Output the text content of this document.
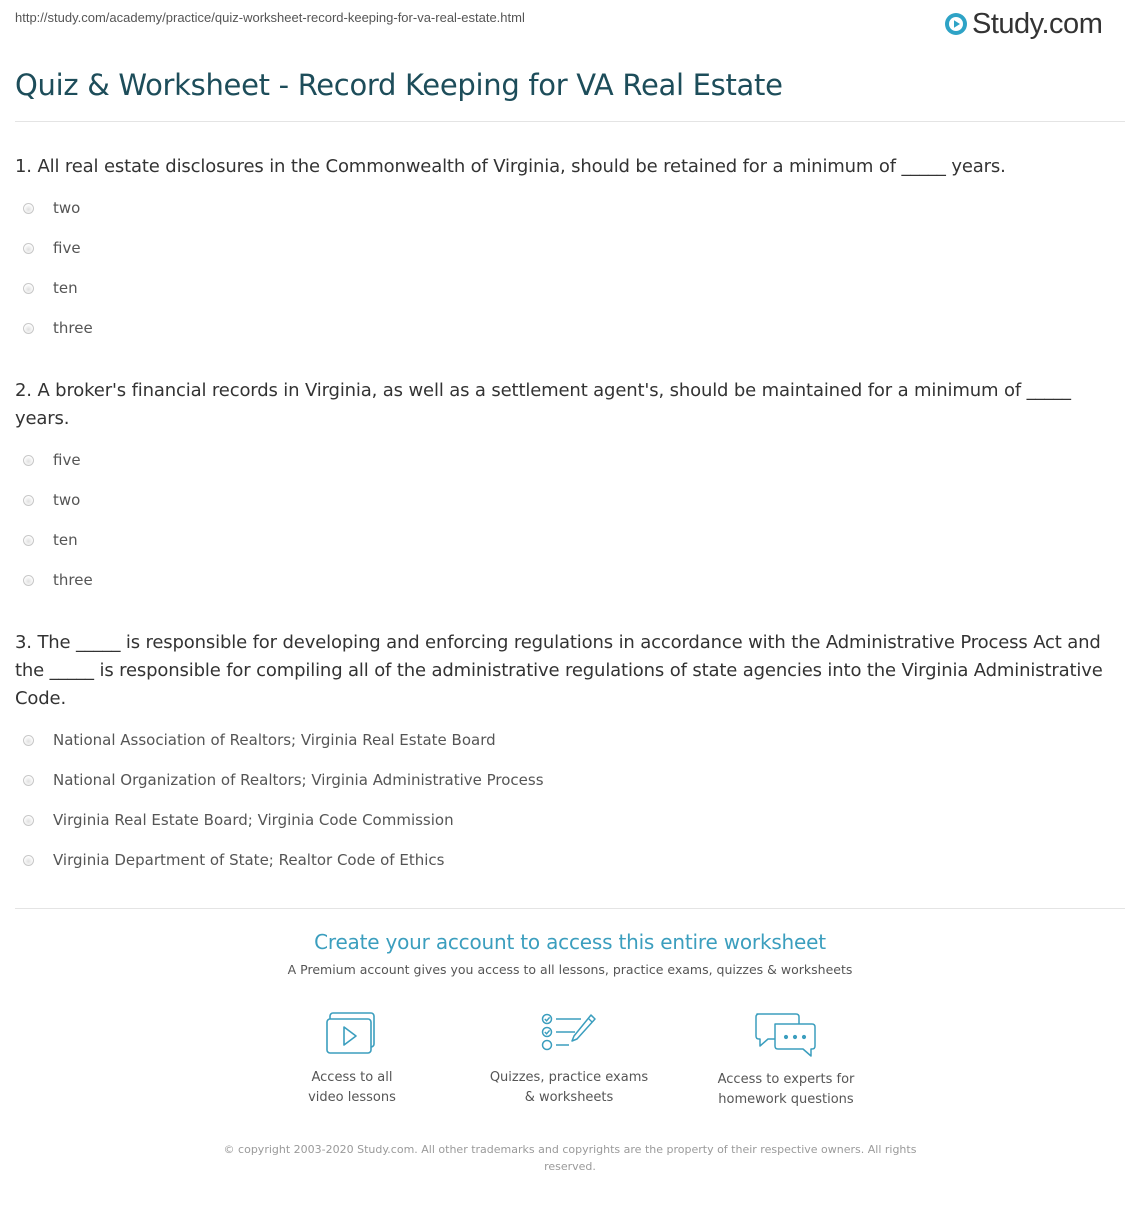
http://study.com/academy/practice/quiz-worksheet-record-keeping-for-va-real-estate.html	Study.com
Quiz & Worksheet - Record Keeping for VA Real Estate

1. All real estate disclosures in the Commonwealth of Virginia, should be retained for a minimum of _____ years.

two
five
ten
three

2. A broker's financial records in Virginia, as well as a settlement agent's, should be maintained for a minimum of _____ years.

five
two
ten
three

3. The _____ is responsible for developing and enforcing regulations in accordance with the Administrative Process Act and the _____ is responsible for compiling all of the administrative regulations of state agencies into the Virginia Administrative Code.

National Association of Realtors; Virginia Real Estate Board
National Organization of Realtors; Virginia Administrative Process
Virginia Real Estate Board; Virginia Code Commission
Virginia Department of State; Realtor Code of Ethics
Create your account to access this entire worksheet
A Premium account gives you access to all lessons, practice exams, quizzes & worksheets
Access to all
video lessons
Quizzes, practice exams
& worksheets
Access to experts for
homework questions
© copyright 2003-2020 Study.com. All other trademarks and copyrights are the property of their respective owners. All rights reserved.
